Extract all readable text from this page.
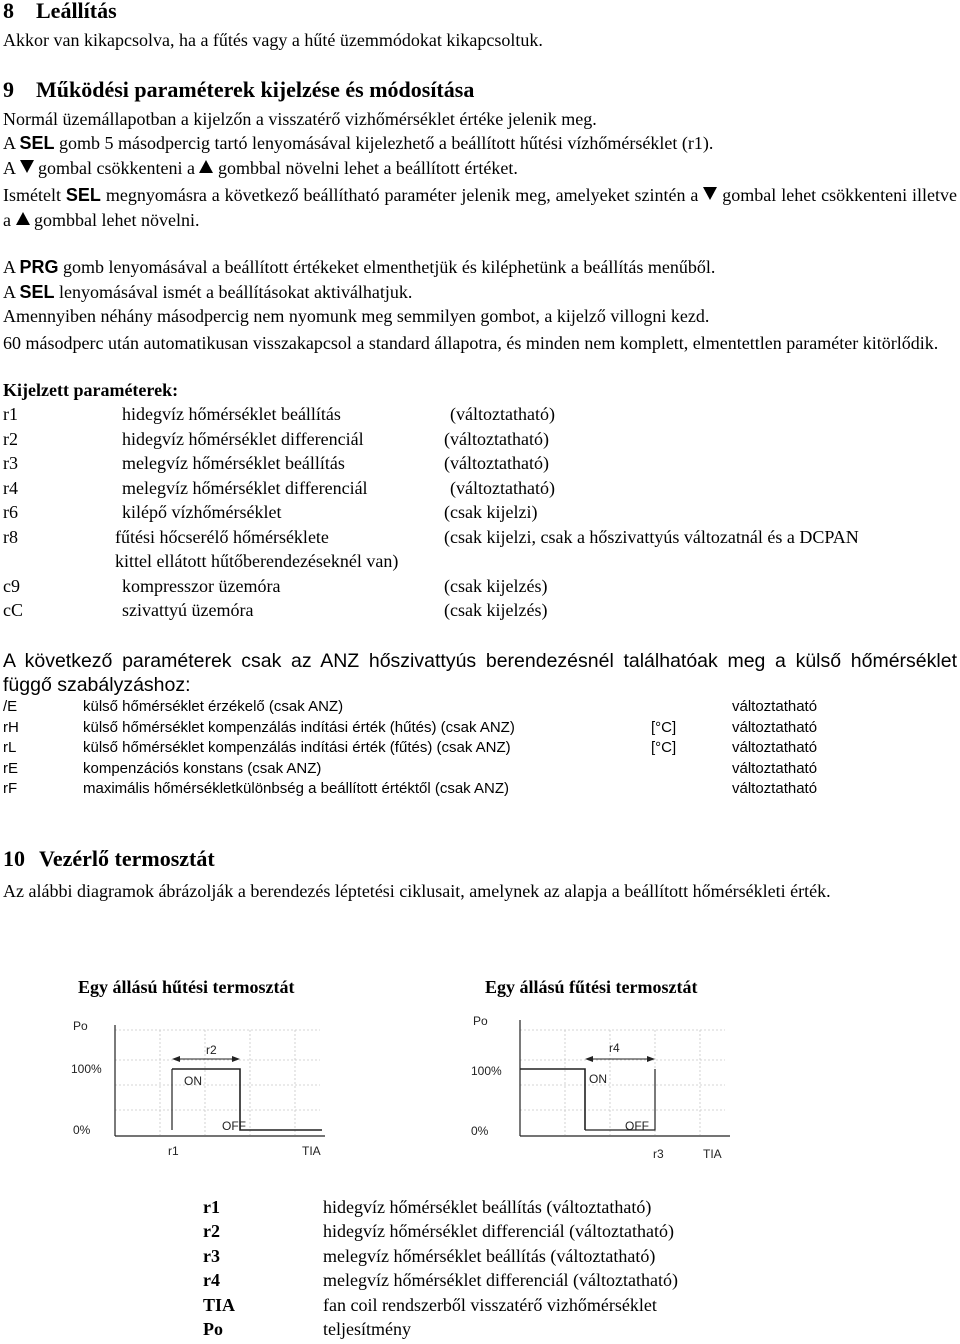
8 Leállítás
Akkor van kikapcsolva, ha a fűtés vagy a hűté üzemmódokat kikapcsoltuk.
9 Működési paraméterek kijelzése és módosítása
Normál üzemállapotban a kijelzőn a visszatérő vizhőmérséklet értéke jelenik meg.
A SEL gomb 5 másodpercig tartó lenyomásával kijelezhető a beállított hűtési vízhőmérséklet (r1).
A  gombal csökkenteni a  gombbal növelni lehet a beállított értéket.
Ismételt SEL megnyomásra a következő beállítható paraméter jelenik meg, amelyeket szintén a  gombal lehet csökkenteni illetve a  gombbal lehet növelni.
A PRG gomb lenyomásával a beállított értékeket elmenthetjük és kiléphetünk a beállítás menűből.
A SEL lenyomásával ismét a beállításokat aktiválhatjuk.
Amennyiben néhány másodpercig nem nyomunk meg semmilyen gombot, a kijelző villogni kezd.
60 másodperc után automatikusan visszakapcsol a standard állapotra, és minden nem komplett, elmentettlen paraméter kitörlődik.
Kijelzett paraméterek:
r1	hidegvíz hőmérséklet beállítás	(változtatható)
r2	hidegvíz hőmérséklet differenciál	(változtatható)
r3	melegvíz hőmérséklet beállítás	(változtatható)
r4	melegvíz hőmérséklet differenciál	(változtatható)
r6	kilépő vízhőmérséklet	(csak kijelzi)
r8	fűtési hőcserélő hőmérséklete	(csak kijelzi, csak a hőszivattyús változatnál és a DCPAN
kittel ellátott hűtőberendezéseknél van)
c9	kompresszor üzemóra	(csak kijelzés)
cC	szivattyú üzemóra	(csak kijelzés)
A következő paraméterek csak az ANZ hőszivattyús berendezésnél találhatóak meg a külső hőmérséklet függő szabályzáshoz:
/E	külső hőmérséklet érzékelő (csak ANZ)	változtatható
rH	külső hőmérséklet kompenzálás indítási érték (hűtés) (csak ANZ)	[°C]	változtatható
rL	külső hőmérséklet kompenzálás indítási érték (fűtés) (csak ANZ)	[°C]	változtatható
rE	kompenzációs konstans (csak ANZ)	változtatható
rF	maximális hőmérsékletkülönbség a beállított értéktől (csak ANZ)	változtatható
10 Vezérlő termosztát
Az alábbi diagramok ábrázolják a berendezés léptetési ciklusait, amelynek az alapja a beállított hőmérsékleti érték.
Egy állású hűtési termosztát	Egy állású fűtési termosztát
Po
100%
0%
r2
ON
OFF
r1	TIA
Po
100%
0%
r4
ON
OFF
r3	TIA
r1	hidegvíz hőmérséklet beállítás (változtatható)
r2	hidegvíz hőmérséklet differenciál (változtatható)
r3	melegvíz hőmérséklet beállítás (változtatható)
r4	melegvíz hőmérséklet differenciál (változtatható)
TIA	fan coil rendszerből visszatérő vizhőmérséklet
Po	teljesítmény
